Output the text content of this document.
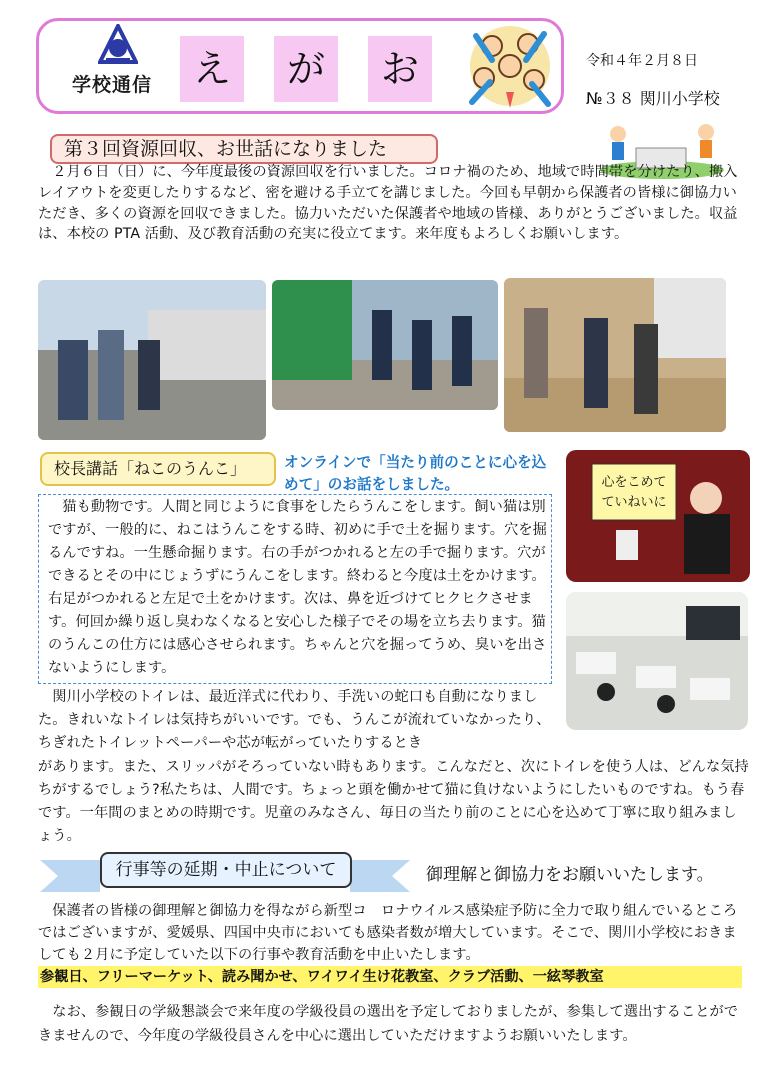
学校通信	え	が	お	令和４年２月８日
№３８ 関川小学校
第３回資源回収、お世話になりました
　２月６日（日）に、今年度最後の資源回収を行いました。コロナ禍のため、地域で時間帯を分けたり、搬入レイアウトを変更したりするなど、密を避ける手立てを講じました。今回も早朝から保護者の皆様に御協力いただき、多くの資源を回収できました。協力いただいた保護者や地域の皆様、ありがとうございました。収益は、本校の PTA 活動、及び教育活動の充実に役立てます。来年度もよろしくお願いします。
校長講話「ねこのうんこ」	オンラインで「当たり前のことに心を込めて」のお話をしました。
　猫も動物です。人間と同じように食事をしたらうんこをします。飼い猫は別ですが、一般的に、ねこはうんこをする時、初めに手で土を掘ります。穴を掘るんですね。一生懸命掘ります。右の手がつかれると左の手で掘ります。穴ができるとその中にじょうずにうんこをします。終わると今度は土をかけます。右足がつかれると左足で土をかけます。次は、鼻を近づけてヒクヒクさせます。何回か繰り返し臭わなくなると安心した様子でその場を立ち去ります。猫のうんこの仕方には感心させられます。ちゃんと穴を掘ってうめ、臭いを出さないようにします。
　関川小学校のトイレは、最近洋式に代わり、手洗いの蛇口も自動になりました。きれいなトイレは気持ちがいいです。でも、うんこが流れていなかったり、ちぎれたトイレットペーパーや芯が転がっていたりするとき
があります。また、スリッパがそろっていない時もあります。こんなだと、次にトイレを使う人は、どんな気持ちがするでしょう?私たちは、人間です。ちょっと頭を働かせて猫に負けないようにしたいものですね。もう春です。一年間のまとめの時期です。児童のみなさん、毎日の当たり前のことに心を込めて丁寧に取り組みましょう。
心をこめて
ていねいに
行事等の延期・中止について	御理解と御協力をお願いいたします。
　保護者の皆様の御理解と御協力を得ながら新型コ　ロナウイルス感染症予防に全力で取り組んでいるところではございますが、愛媛県、四国中央市においても感染者数が増大しています。そこで、関川小学校におきましても２月に予定していた以下の行事や教育活動を中止いたします。
参観日、フリーマーケット、読み聞かせ、ワイワイ生け花教室、クラブ活動、一絃琴教室
　なお、参観日の学級懇談会で来年度の学級役員の選出を予定しておりましたが、参集して選出することができませんので、今年度の学級役員さんを中心に選出していただけますようお願いいたします。
